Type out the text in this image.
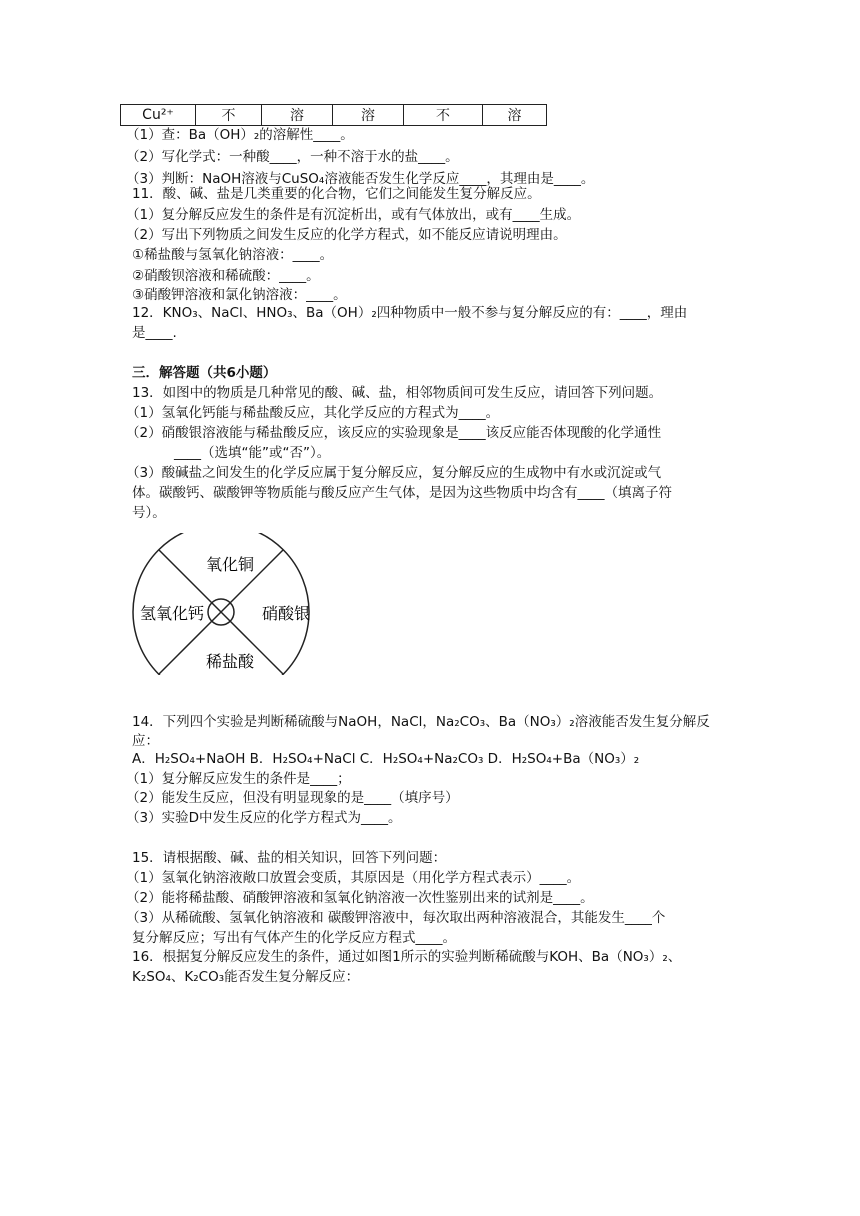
Cu²⁺	不	溶	溶	不	溶
（1）查：Ba（OH）₂的溶解性____。
（2）写化学式：一种酸____，一种不溶于水的盐____。
（3）判断：NaOH溶液与CuSO₄溶液能否发生化学反应____，其理由是____。
11．酸、碱、盐是几类重要的化合物，它们之间能发生复分解反应。
（1）复分解反应发生的条件是有沉淀析出，或有气体放出，或有____生成。
（2）写出下列物质之间发生反应的化学方程式，如不能反应请说明理由。
①稀盐酸与氢氧化钠溶液：____。
②硝酸钡溶液和稀硫酸：____。
③硝酸钾溶液和氯化钠溶液：____。
12．KNO₃、NaCl、HNO₃、Ba（OH）₂四种物质中一般不参与复分解反应的有：____，理由
是____.
三．解答题（共6小题）
13．如图中的物质是几种常见的酸、碱、盐，相邻物质间可发生反应，请回答下列问题。
（1）氢氧化钙能与稀盐酸反应，其化学反应的方程式为____。
（2）硝酸银溶液能与稀盐酸反应，该反应的实验现象是____该反应能否体现酸的化学通性
____（选填“能”或“否”）。
（3）酸碱盐之间发生的化学反应属于复分解反应，复分解反应的生成物中有水或沉淀或气
体。碳酸钙、碳酸钾等物质能与酸反应产生气体，是因为这些物质中均含有____（填离子符
号）。
氧化铜
氢氧化钙	硝酸银
稀盐酸
14．下列四个实验是判断稀硫酸与NaOH，NaCl，Na₂CO₃、Ba（NO₃）₂溶液能否发生复分解反
应：
A．H₂SO₄+NaOH B．H₂SO₄+NaCl C．H₂SO₄+Na₂CO₃ D．H₂SO₄+Ba（NO₃）₂
（1）复分解反应发生的条件是____；
（2）能发生反应，但没有明显现象的是____（填序号）
（3）实验D中发生反应的化学方程式为____。
15．请根据酸、碱、盐的相关知识，回答下列问题：
（1）氢氧化钠溶液敞口放置会变质，其原因是（用化学方程式表示）____。
（2）能将稀盐酸、硝酸钾溶液和氢氧化钠溶液一次性鉴别出来的试剂是____。
（3）从稀硫酸、氢氧化钠溶液和 碳酸钾溶液中，每次取出两种溶液混合，其能发生____个
复分解反应；写出有气体产生的化学反应方程式____。
16．根据复分解反应发生的条件，通过如图1所示的实验判断稀硫酸与KOH、Ba（NO₃）₂、
K₂SO₄、K₂CO₃能否发生复分解反应：
